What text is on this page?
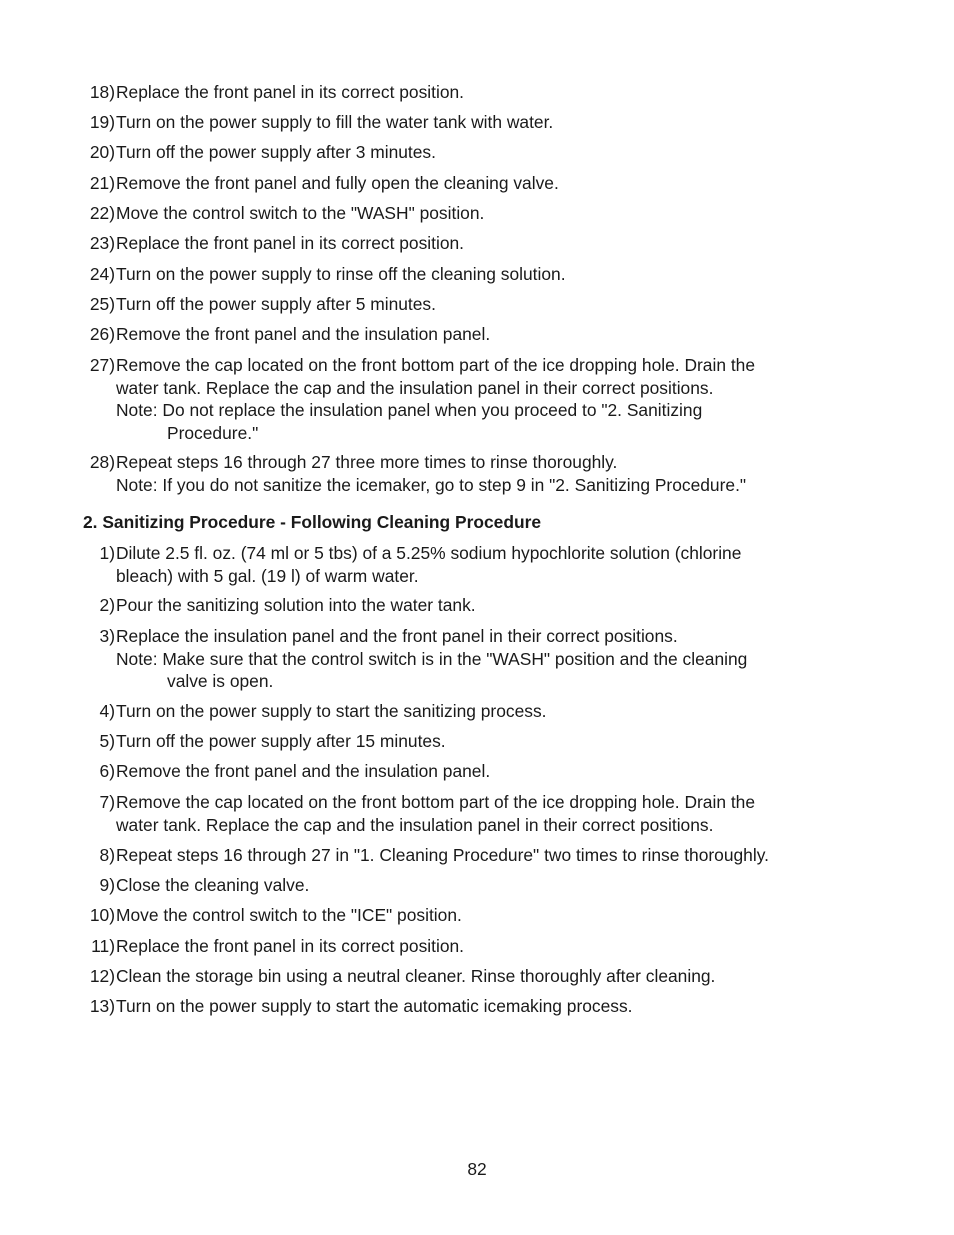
18) Replace the front panel in its correct position.
19) Turn on the power supply to fill the water tank with water.
20) Turn off the power supply after 3 minutes.
21) Remove the front panel and fully open the cleaning valve.
22) Move the control switch to the "WASH" position.
23) Replace the front panel in its correct position.
24) Turn on the power supply to rinse off the cleaning solution.
25) Turn off the power supply after 5 minutes.
26) Remove the front panel and the insulation panel.
27) Remove the cap located on the front bottom part of the ice dropping hole. Drain the
water tank. Replace the cap and the insulation panel in their correct positions.
Note: Do not replace the insulation panel when you proceed to "2. Sanitizing
Procedure."
28) Repeat steps 16 through 27 three more times to rinse thoroughly.
Note: If you do not sanitize the icemaker, go to step 9 in "2. Sanitizing Procedure."
2. Sanitizing Procedure - Following Cleaning Procedure
1) Dilute 2.5 fl. oz. (74 ml or 5 tbs) of a 5.25% sodium hypochlorite solution (chlorine
bleach) with 5 gal. (19 l) of warm water.
2) Pour the sanitizing solution into the water tank.
3) Replace the insulation panel and the front panel in their correct positions.
Note: Make sure that the control switch is in the "WASH" position and the cleaning
valve is open.
4) Turn on the power supply to start the sanitizing process.
5) Turn off the power supply after 15 minutes.
6) Remove the front panel and the insulation panel.
7) Remove the cap located on the front bottom part of the ice dropping hole. Drain the
water tank. Replace the cap and the insulation panel in their correct positions.
8) Repeat steps 16 through 27 in "1. Cleaning Procedure" two times to rinse thoroughly.
9) Close the cleaning valve.
10) Move the control switch to the "ICE" position.
11) Replace the front panel in its correct position.
12) Clean the storage bin using a neutral cleaner. Rinse thoroughly after cleaning.
13) Turn on the power supply to start the automatic icemaking process.
82
